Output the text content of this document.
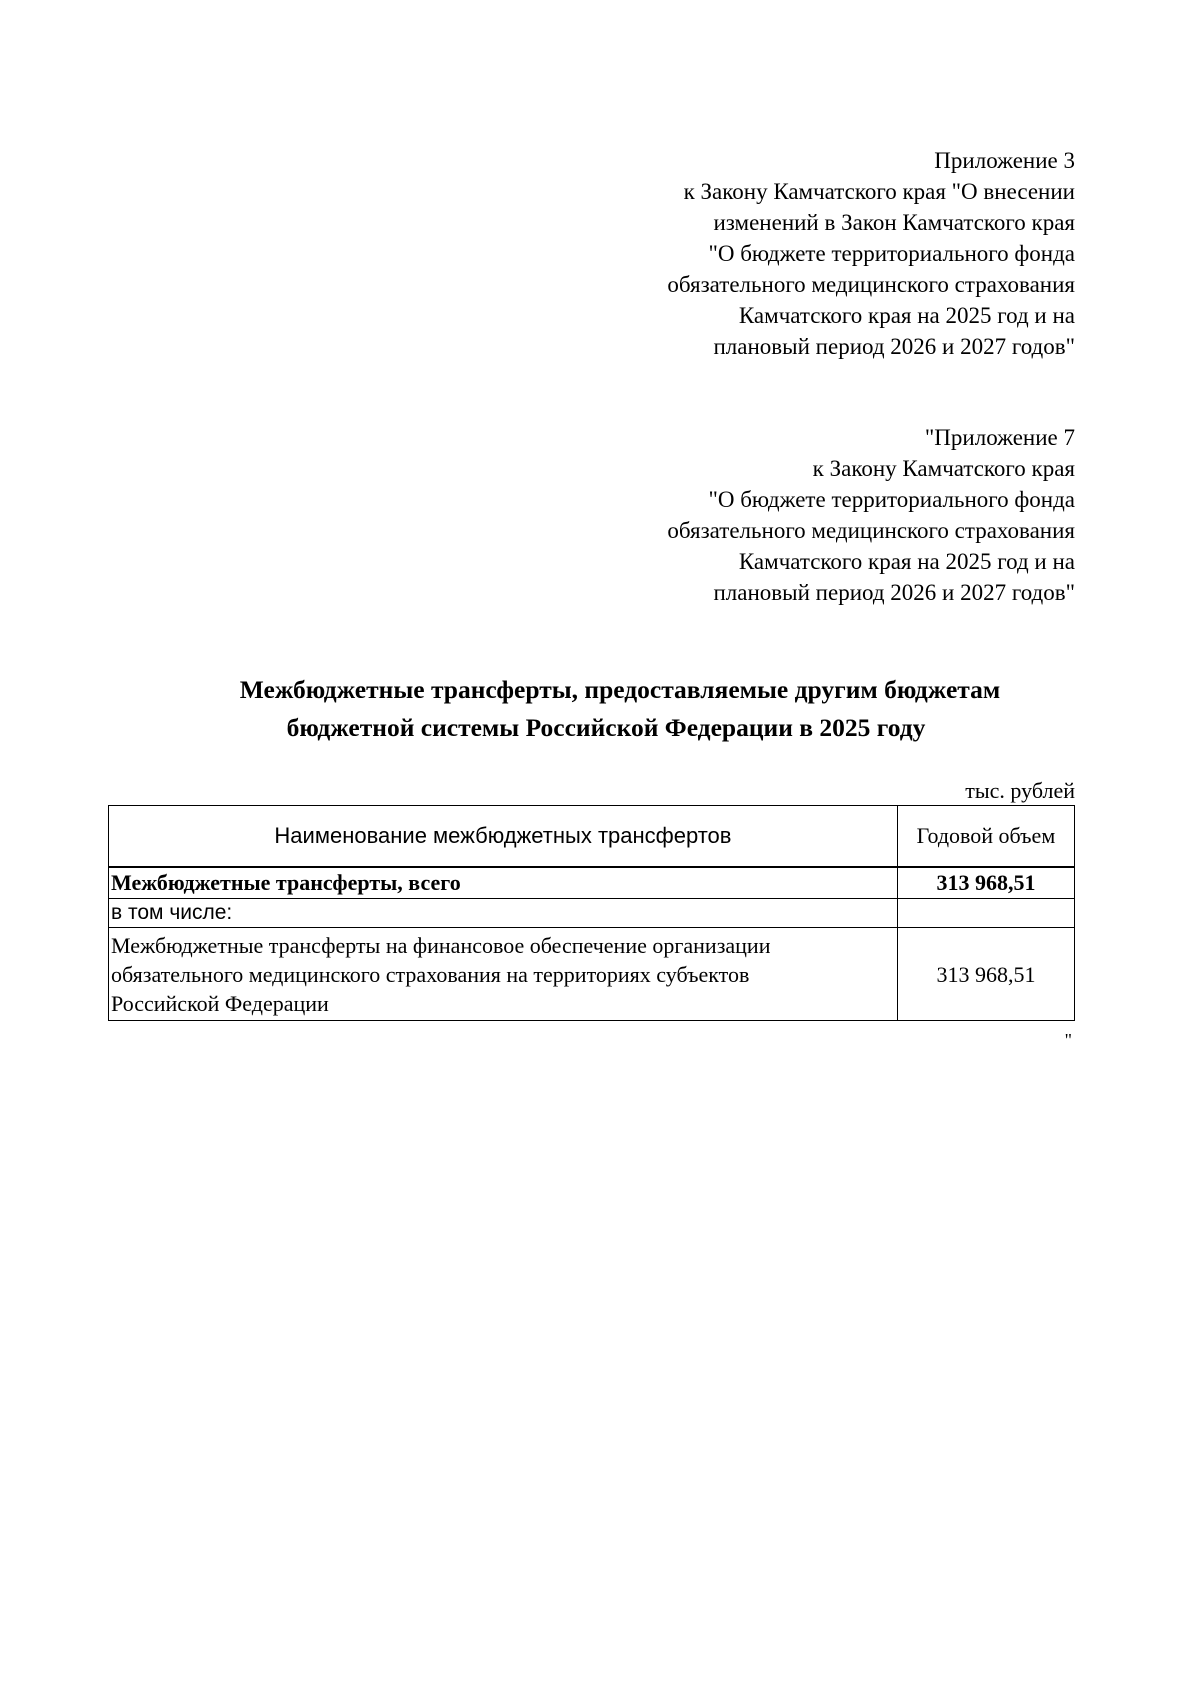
Приложение 3
к Закону Камчатского края "О внесении
изменений в Закон Камчатского края
"О бюджете территориального фонда
обязательного медицинского страхования
Камчатского края на 2025 год и на
плановый период 2026 и 2027 годов"
"Приложение 7
к Закону Камчатского края
"О бюджете территориального фонда
обязательного медицинского страхования
Камчатского края на 2025 год и на
плановый период 2026 и 2027 годов"
Межбюджетные трансферты, предоставляемые другим бюджетам
бюджетной системы Российской Федерации в 2025 году
тыс. рублей
Наименование межбюджетных трансфертов	Годовой объем
Межбюджетные трансферты, всего	313 968,51
в том числе:	

Межбюджетные трансферты на финансовое обеспечение организации
обязательного медицинского страхования на территориях субъектов
Российской Федерации	313 968,51
"
